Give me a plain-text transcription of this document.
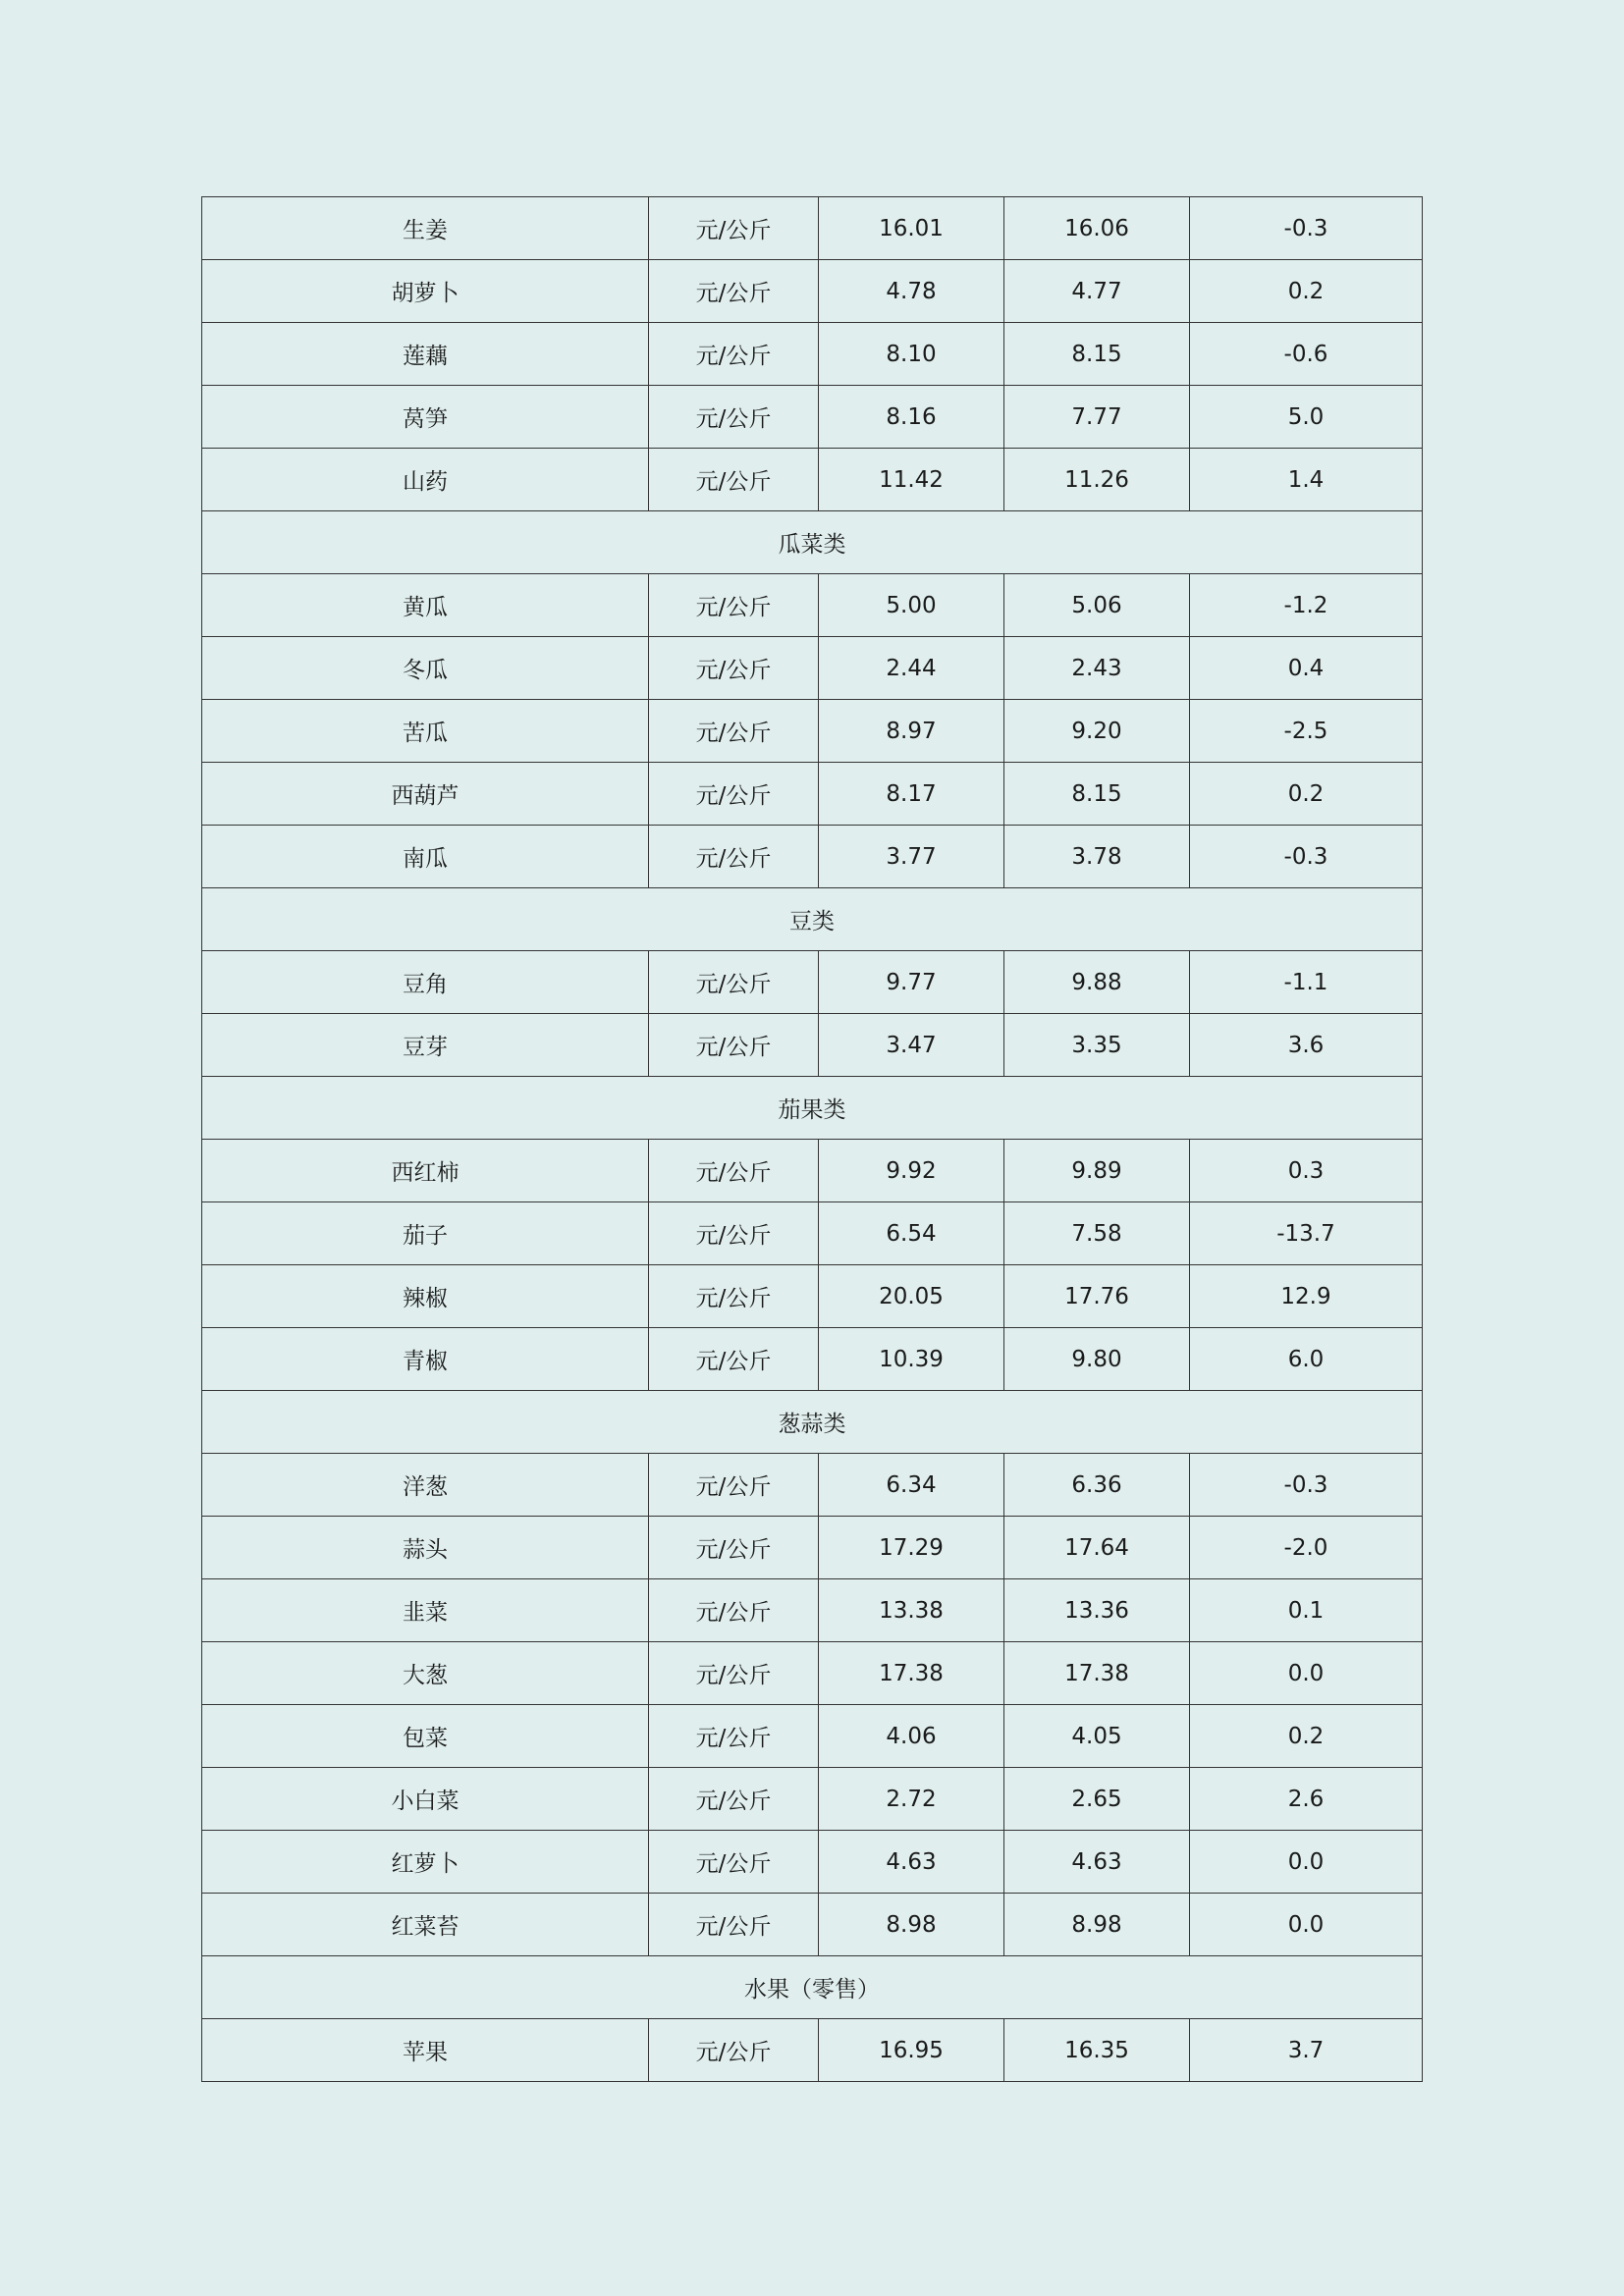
生姜	元/公斤	16.01	16.06	-0.3
胡萝卜	元/公斤	4.78	4.77	0.2
莲藕	元/公斤	8.10	8.15	-0.6
莴笋	元/公斤	8.16	7.77	5.0
山药	元/公斤	11.42	11.26	1.4
瓜菜类				
黄瓜	元/公斤	5.00	5.06	-1.2
冬瓜	元/公斤	2.44	2.43	0.4
苦瓜	元/公斤	8.97	9.20	-2.5
西葫芦	元/公斤	8.17	8.15	0.2
南瓜	元/公斤	3.77	3.78	-0.3
豆类				
豆角	元/公斤	9.77	9.88	-1.1
豆芽	元/公斤	3.47	3.35	3.6
茄果类				
西红柿	元/公斤	9.92	9.89	0.3
茄子	元/公斤	6.54	7.58	-13.7
辣椒	元/公斤	20.05	17.76	12.9
青椒	元/公斤	10.39	9.80	6.0
葱蒜类				
洋葱	元/公斤	6.34	6.36	-0.3
蒜头	元/公斤	17.29	17.64	-2.0
韭菜	元/公斤	13.38	13.36	0.1
大葱	元/公斤	17.38	17.38	0.0
包菜	元/公斤	4.06	4.05	0.2
小白菜	元/公斤	2.72	2.65	2.6
红萝卜	元/公斤	4.63	4.63	0.0
红菜苔	元/公斤	8.98	8.98	0.0
水果（零售）				
苹果	元/公斤	16.95	16.35	3.7
